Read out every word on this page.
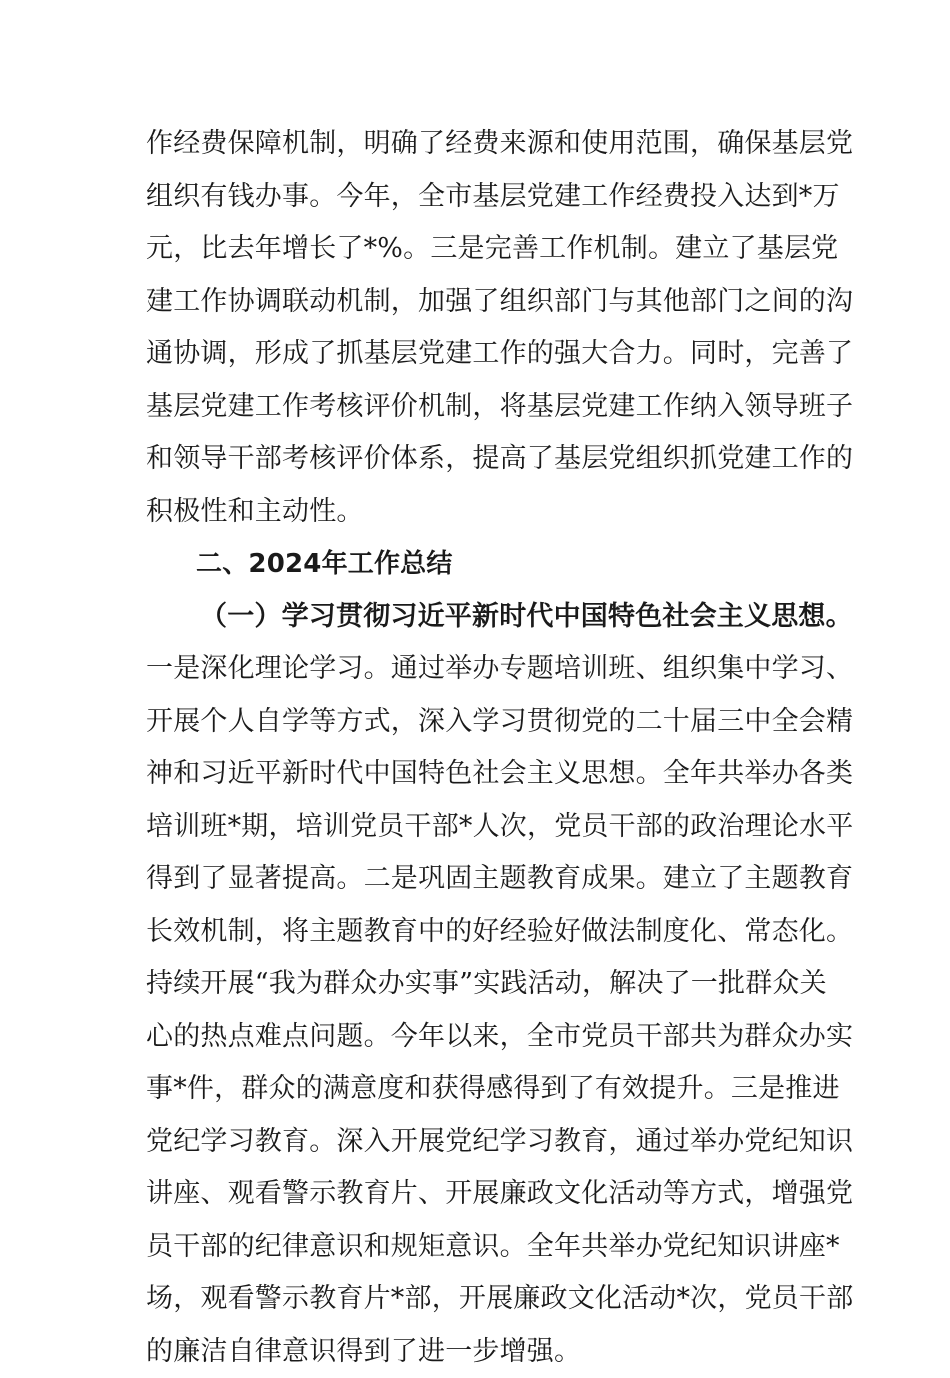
作经费保障机制，明确了经费来源和使用范围，确保基层党
组织有钱办事。今年，全市基层党建工作经费投入达到*万
元，比去年增长了*%。三是完善工作机制。建立了基层党
建工作协调联动机制，加强了组织部门与其他部门之间的沟
通协调，形成了抓基层党建工作的强大合力。同时，完善了
基层党建工作考核评价机制，将基层党建工作纳入领导班子
和领导干部考核评价体系，提高了基层党组织抓党建工作的
积极性和主动性。
二、2024年工作总结
（一）学习贯彻习近平新时代中国特色社会主义思想。
一是深化理论学习。通过举办专题培训班、组织集中学习、
开展个人自学等方式，深入学习贯彻党的二十届三中全会精
神和习近平新时代中国特色社会主义思想。全年共举办各类
培训班*期，培训党员干部*人次，党员干部的政治理论水平
得到了显著提高。二是巩固主题教育成果。建立了主题教育
长效机制，将主题教育中的好经验好做法制度化、常态化。
持续开展“我为群众办实事”实践活动，解决了一批群众关
心的热点难点问题。今年以来，全市党员干部共为群众办实
事*件，群众的满意度和获得感得到了有效提升。三是推进
党纪学习教育。深入开展党纪学习教育，通过举办党纪知识
讲座、观看警示教育片、开展廉政文化活动等方式，增强党
员干部的纪律意识和规矩意识。全年共举办党纪知识讲座*
场，观看警示教育片*部，开展廉政文化活动*次，党员干部
的廉洁自律意识得到了进一步增强。
